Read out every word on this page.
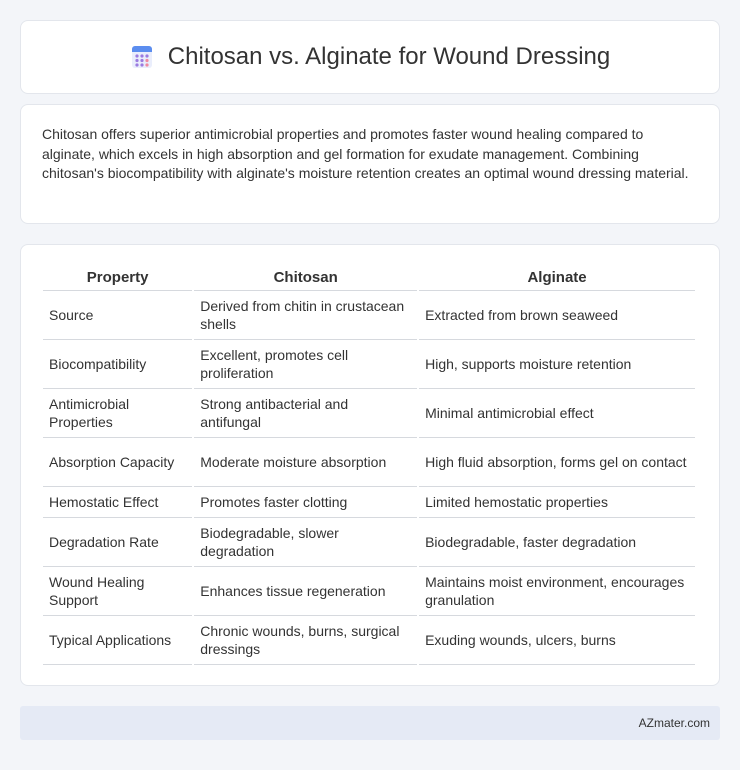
Chitosan vs. Alginate for Wound Dressing

Chitosan offers superior antimicrobial properties and promotes faster wound healing compared to alginate, which excels in high absorption and gel formation for exudate management. Combining chitosan's biocompatibility with alginate's moisture retention creates an optimal wound dressing material.

Property	Chitosan	Alginate
Source	Derived from chitin in crustacean shells	Extracted from brown seaweed
Biocompatibility	Excellent, promotes cell proliferation	High, supports moisture retention
Antimicrobial Properties	Strong antibacterial and antifungal	Minimal antimicrobial effect
Absorption Capacity	Moderate moisture absorption	High fluid absorption, forms gel on contact
Hemostatic Effect	Promotes faster clotting	Limited hemostatic properties
Degradation Rate	Biodegradable, slower degradation	Biodegradable, faster degradation
Wound Healing Support	Enhances tissue regeneration	Maintains moist environment, encourages granulation
Typical Applications	Chronic wounds, burns, surgical dressings	Exuding wounds, ulcers, burns
AZmater.com
